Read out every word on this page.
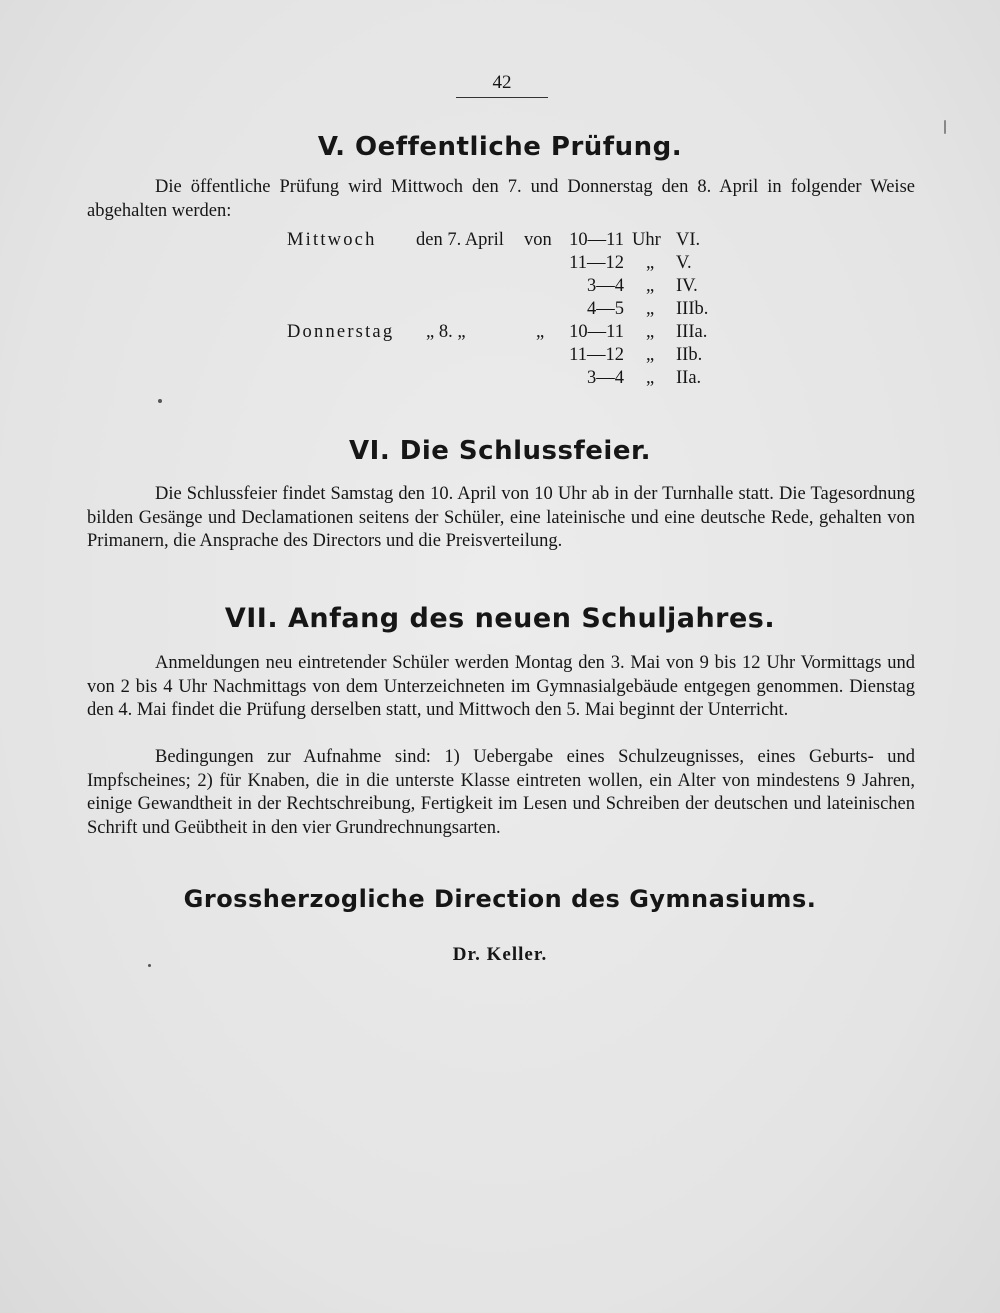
42
V. Oeffentliche Prüfung.

Die öffentliche Prüfung wird Mittwoch den 7. und Donnerstag den 8. April in folgender Weise abgehalten werden:

Mittwoch den 7. April von 10—11 Uhr VI.
11—12 „ V.
3—4 „ IV.
4—5 „ IIIb.
Donnerstag „ 8. „	„	10—11 „ IIIa.
11—12 „ IIb.
3—4 „ IIa.
VI. Die Schlussfeier.

Die Schlussfeier findet Samstag den 10. April von 10 Uhr ab in der Turnhalle statt. Die Tagesordnung bilden Gesänge und Declamationen seitens der Schüler, eine lateinische und eine deutsche Rede, gehalten von Primanern, die Ansprache des Directors und die Preisverteilung.

VII. Anfang des neuen Schuljahres.

Anmeldungen neu eintretender Schüler werden Montag den 3. Mai von 9 bis 12 Uhr Vormittags und von 2 bis 4 Uhr Nachmittags von dem Unterzeichneten im Gymnasialgebäude entgegen genommen. Dienstag den 4. Mai findet die Prüfung derselben statt, und Mittwoch den 5. Mai beginnt der Unterricht.

Bedingungen zur Aufnahme sind: 1) Uebergabe eines Schulzeugnisses, eines Geburts- und Impfscheines; 2) für Knaben, die in die unterste Klasse eintreten wollen, ein Alter von mindestens 9 Jahren, einige Gewandtheit in der Rechtschreibung, Fertigkeit im Lesen und Schreiben der deutschen und lateinischen Schrift und Geübtheit in den vier Grundrechnungsarten.

Grossherzogliche Direction des Gymnasiums.
Dr. Keller.
